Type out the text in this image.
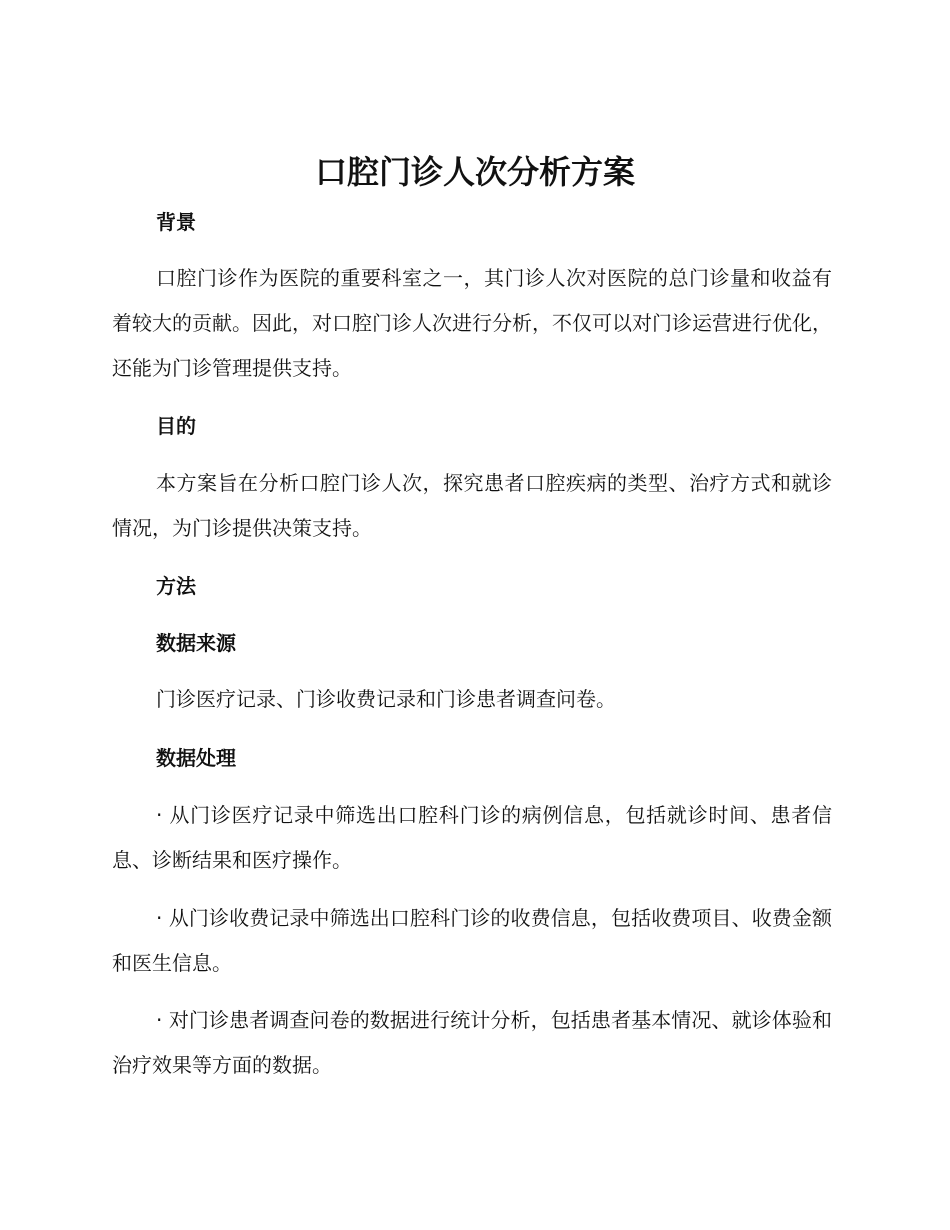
口腔门诊人次分析方案
背景

口腔门诊作为医院的重要科室之一，其门诊人次对医院的总门诊量和收益有着较大的贡献。因此，对口腔门诊人次进行分析，不仅可以对门诊运营进行优化，还能为门诊管理提供支持。

目的

本方案旨在分析口腔门诊人次，探究患者口腔疾病的类型、治疗方式和就诊情况，为门诊提供决策支持。

方法
数据来源

门诊医疗记录、门诊收费记录和门诊患者调查问卷。

数据处理

· 从门诊医疗记录中筛选出口腔科门诊的病例信息，包括就诊时间、患者信息、诊断结果和医疗操作。

· 从门诊收费记录中筛选出口腔科门诊的收费信息，包括收费项目、收费金额和医生信息。

· 对门诊患者调查问卷的数据进行统计分析，包括患者基本情况、就诊体验和治疗效果等方面的数据。
